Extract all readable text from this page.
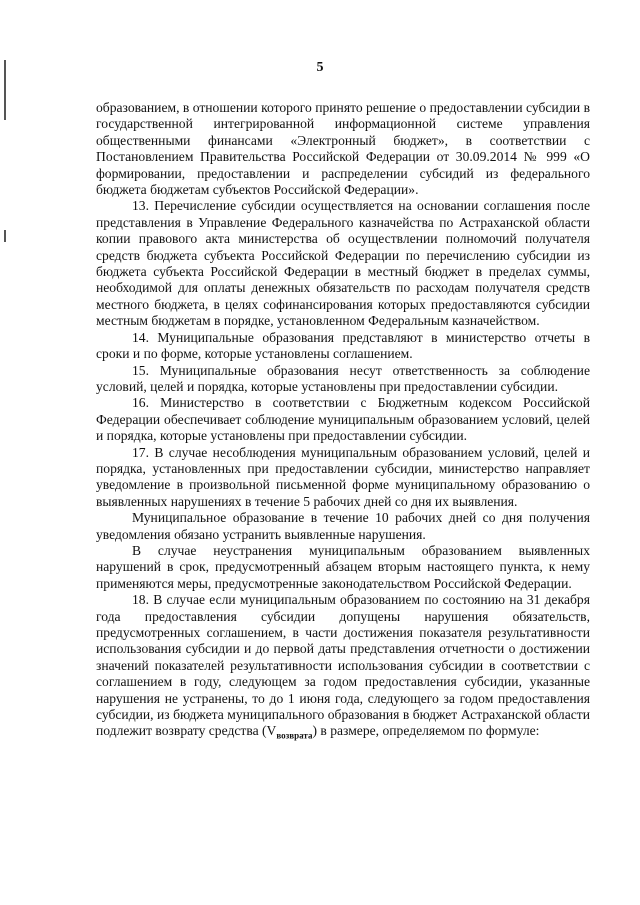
5

образованием, в отношении которого принято решение о предоставлении субсидии в государственной интегрированной информационной системе управления общественными финансами «Электронный бюджет», в соответствии с Постановлением Правительства Российской Федерации от 30.09.2014 № 999 «О формировании, предоставлении и распределении субсидий из федерального бюджета бюджетам субъектов Российской Федерации».

13. Перечисление субсидии осуществляется на основании соглашения после представления в Управление Федерального казначейства по Астраханской области копии правового акта министерства об осуществлении полномочий получателя средств бюджета субъекта Российской Федерации по перечислению субсидии из бюджета субъекта Российской Федерации в местный бюджет в пределах суммы, необходимой для оплаты денежных обязательств по расходам получателя средств местного бюджета, в целях софинансирования которых предоставляются субсидии местным бюджетам в порядке, установленном Федеральным казначейством.

14. Муниципальные образования представляют в министерство отчеты в сроки и по форме, которые установлены соглашением.

15. Муниципальные образования несут ответственность за соблюдение условий, целей и порядка, которые установлены при предоставлении субсидии.

16. Министерство в соответствии с Бюджетным кодексом Российской Федерации обеспечивает соблюдение муниципальным образованием условий, целей и порядка, которые установлены при предоставлении субсидии.

17. В случае несоблюдения муниципальным образованием условий, целей и порядка, установленных при предоставлении субсидии, министерство направляет уведомление в произвольной письменной форме муниципальному образованию о выявленных нарушениях в течение 5 рабочих дней со дня их выявления.

Муниципальное образование в течение 10 рабочих дней со дня получения уведомления обязано устранить выявленные нарушения.

В случае неустранения муниципальным образованием выявленных нарушений в срок, предусмотренный абзацем вторым настоящего пункта, к нему применяются меры, предусмотренные законодательством Российской Федерации.

18. В случае если муниципальным образованием по состоянию на 31 декабря года предоставления субсидии допущены нарушения обязательств, предусмотренных соглашением, в части достижения показателя результативности использования субсидии и до первой даты представления отчетности о достижении значений показателей результативности использования субсидии в соответствии с соглашением в году, следующем за годом предоставления субсидии, указанные нарушения не устранены, то до 1 июня года, следующего за годом предоставления субсидии, из бюджета муниципального образования в бюджет Астраханской области подлежит возврату средства $(V_{возврата})$ в размере, определяемом по формуле:
